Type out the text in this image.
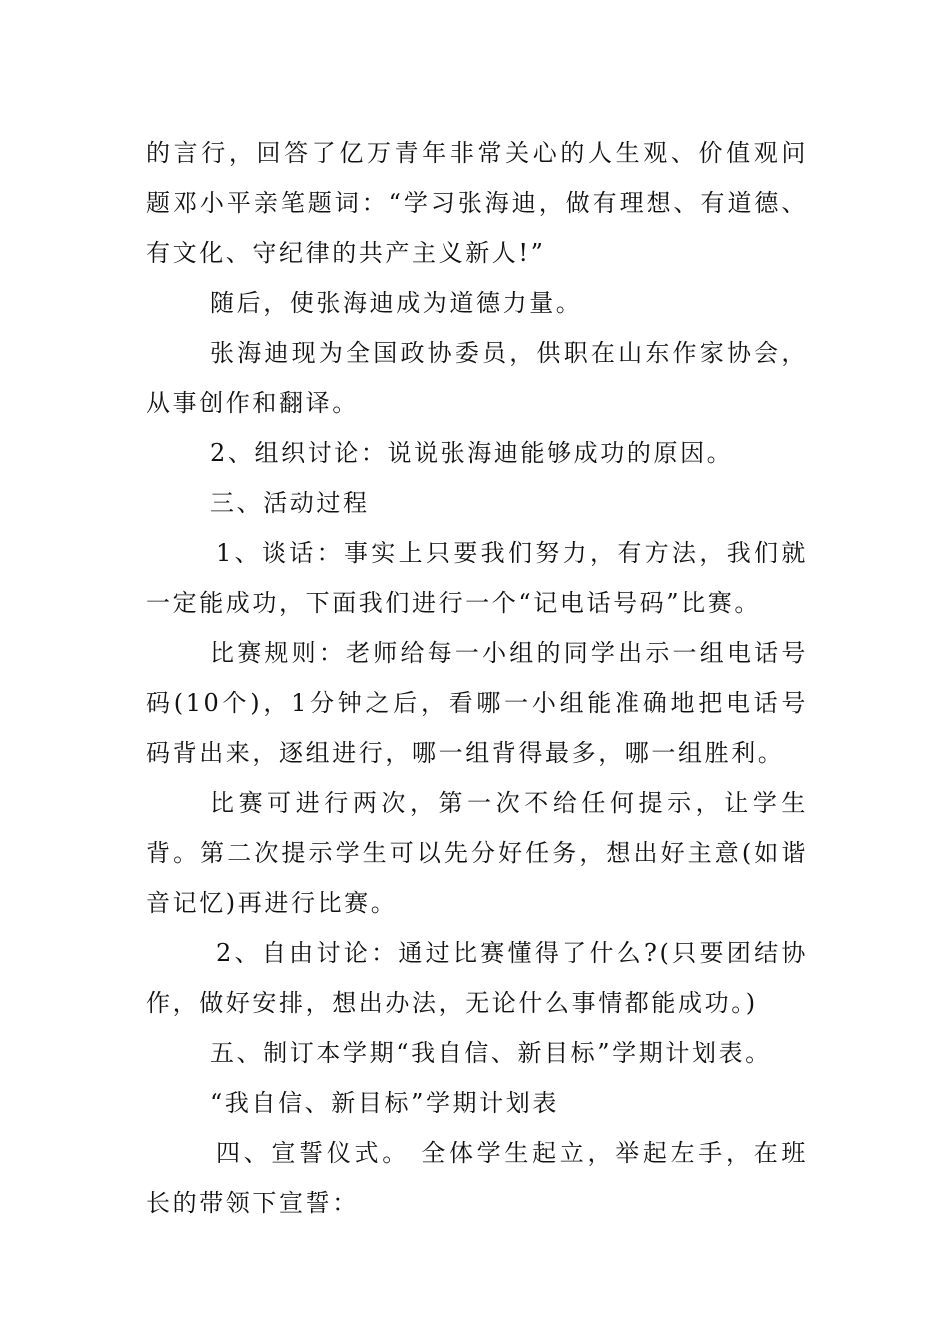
的言行，回答了亿万青年非常关心的人生观、价值观问题邓小平亲笔题词：“学习张海迪，做有理想、有道德、有文化、守纪律的共产主义新人!”

随后，使张海迪成为道德力量。

张海迪现为全国政协委员，供职在山东作家协会，从事创作和翻译。

2、组织讨论：说说张海迪能够成功的原因。

三、活动过程

1、谈话：事实上只要我们努力，有方法，我们就一定能成功，下面我们进行一个“记电话号码”比赛。

比赛规则：老师给每一小组的同学出示一组电话号码(10个)，1分钟之后，看哪一小组能准确地把电话号码背出来，逐组进行，哪一组背得最多，哪一组胜利。

比赛可进行两次，第一次不给任何提示，让学生背。第二次提示学生可以先分好任务，想出好主意(如谐音记忆)再进行比赛。

2、自由讨论：通过比赛懂得了什么?(只要团结协作，做好安排，想出办法，无论什么事情都能成功。)

五、制订本学期“我自信、新目标”学期计划表。

“我自信、新目标”学期计划表

四、宣誓仪式。 全体学生起立，举起左手，在班长的带领下宣誓：
